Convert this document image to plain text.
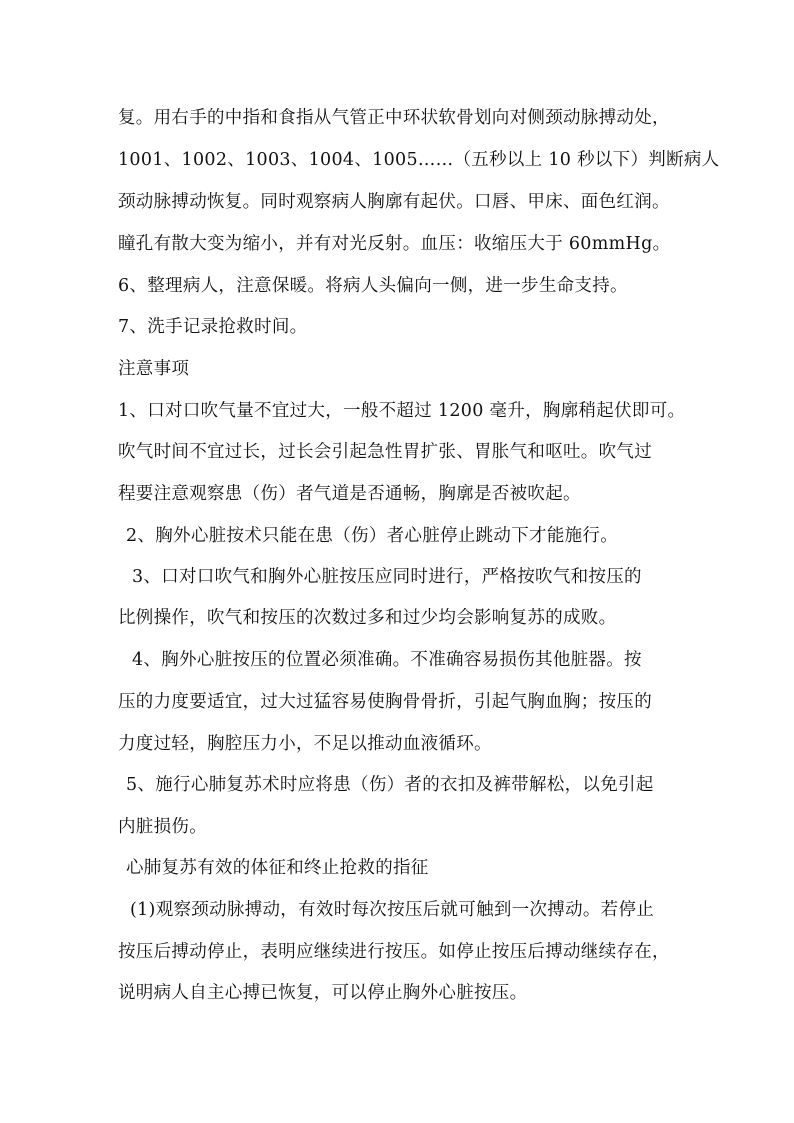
复。用右手的中指和食指从气管正中环状软骨划向对侧颈动脉搏动处，
1001、1002、1003、1004、1005……（五秒以上 10 秒以下）判断病人
颈动脉搏动恢复。同时观察病人胸廓有起伏。口唇、甲床、面色红润。
瞳孔有散大变为缩小，并有对光反射。血压：收缩压大于 60mmHg。
6、整理病人，注意保暖。将病人头偏向一侧，进一步生命支持。
7、洗手记录抢救时间。
注意事项
1、口对口吹气量不宜过大，一般不超过 1200 毫升，胸廓稍起伏即可。
吹气时间不宜过长，过长会引起急性胃扩张、胃胀气和呕吐。吹气过
程要注意观察患（伤）者气道是否通畅，胸廓是否被吹起。
2、胸外心脏按术只能在患（伤）者心脏停止跳动下才能施行。
3、口对口吹气和胸外心脏按压应同时进行，严格按吹气和按压的
比例操作，吹气和按压的次数过多和过少均会影响复苏的成败。
4、胸外心脏按压的位置必须准确。不准确容易损伤其他脏器。按
压的力度要适宜，过大过猛容易使胸骨骨折，引起气胸血胸；按压的
力度过轻，胸腔压力小，不足以推动血液循环。
5、施行心肺复苏术时应将患（伤）者的衣扣及裤带解松，以免引起
内脏损伤。
心肺复苏有效的体征和终止抢救的指征
(1)观察颈动脉搏动，有效时每次按压后就可触到一次搏动。若停止
按压后搏动停止，表明应继续进行按压。如停止按压后搏动继续存在，
说明病人自主心搏已恢复，可以停止胸外心脏按压。
